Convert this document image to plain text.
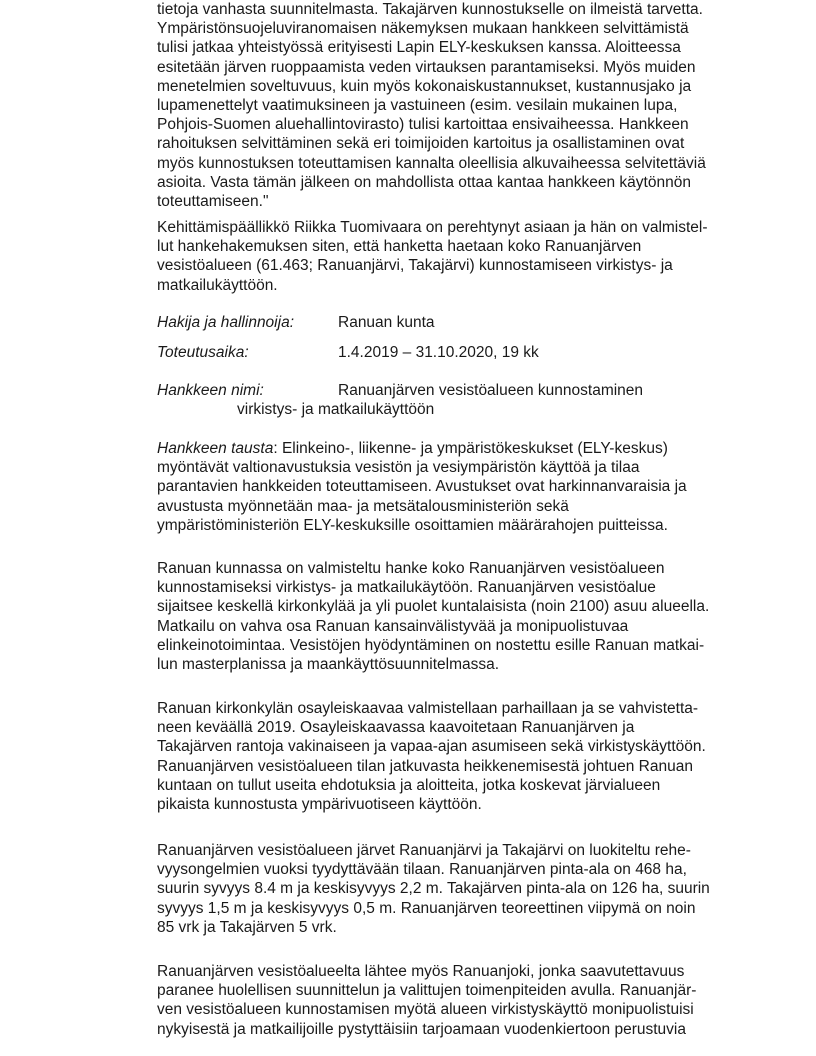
tietoja vanhasta suunnitelmasta. Takajärven kunnostukselle on ilmeistä tarvetta.
Ympäristönsuojeluviranomaisen näkemyksen mukaan hankkeen selvittämistä
tulisi jatkaa yhteistyössä erityisesti Lapin ELY-keskuksen kanssa. Aloitteessa
esitetään järven ruoppaamista veden virtauksen parantamiseksi. Myös muiden
menetelmien soveltuvuus, kuin myös kokonaiskustannukset, kustannusjako ja
lupamenettelyt vaatimuksineen ja vastuineen (esim. vesilain mukainen lupa,
Pohjois-Suomen aluehallintovirasto) tulisi kartoittaa ensivaiheessa. Hankkeen
rahoituksen selvittäminen sekä eri toimijoiden kartoitus ja osallistaminen ovat
myös kunnostuksen toteuttamisen kannalta oleellisia alkuvaiheessa selvitettäviä
asioita. Vasta tämän jälkeen on mahdollista ottaa kantaa hankkeen käytönnön
toteuttamiseen."
Kehittämispäällikkö Riikka Tuomivaara on perehtynyt asiaan ja hän on valmistel-
lut hankehakemuksen siten, että hanketta haetaan koko Ranuanjärven
vesistöalueen (61.463; Ranuanjärvi, Takajärvi) kunnostamiseen virkistys- ja
matkailukäyttöön.
Hakija ja hallinnoija:	Ranuan kunta
Toteutusaika:	1.4.2019 – 31.10.2020, 19 kk
Hankkeen nimi:	Ranuanjärven vesistöalueen kunnostaminen
virkistys- ja matkailukäyttöön
Hankkeen tausta: Elinkeino-, liikenne- ja ympäristökeskukset (ELY-keskus)
myöntävät valtionavustuksia vesistön ja vesiympäristön käyttöä ja tilaa
parantavien hankkeiden toteuttamiseen. Avustukset ovat harkinnanvaraisia ja
avustusta myönnetään maa- ja metsätalousministeriön sekä
ympäristöministeriön ELY-keskuksille osoittamien määrärahojen puitteissa.
Ranuan kunnassa on valmisteltu hanke koko Ranuanjärven vesistöalueen
kunnostamiseksi virkistys- ja matkailukäytöön. Ranuanjärven vesistöalue
sijaitsee keskellä kirkonkylää ja yli puolet kuntalaisista (noin 2100) asuu alueella.
Matkailu on vahva osa Ranuan kansainvälistyvää ja monipuolistuvaa
elinkeinotoimintaa. Vesistöjen hyödyntäminen on nostettu esille Ranuan matkai-
lun masterplanissa ja maankäyttösuunnitelmassa.
Ranuan kirkonkylän osayleiskaavaa valmistellaan parhaillaan ja se vahvistetta-
neen keväällä 2019. Osayleiskaavassa kaavoitetaan Ranuanjärven ja
Takajärven rantoja vakinaiseen ja vapaa-ajan asumiseen sekä virkistyskäyttöön.
Ranuanjärven vesistöalueen tilan jatkuvasta heikkenemisestä johtuen Ranuan
kuntaan on tullut useita ehdotuksia ja aloitteita, jotka koskevat järvialueen
pikaista kunnostusta ympärivuotiseen käyttöön.
Ranuanjärven vesistöalueen järvet Ranuanjärvi ja Takajärvi on luokiteltu rehe-
vyysongelmien vuoksi tyydyttävään tilaan. Ranuanjärven pinta-ala on 468 ha,
suurin syvyys 8.4 m ja keskisyvyys 2,2 m. Takajärven pinta-ala on 126 ha, suurin
syvyys 1,5 m ja keskisyvyys 0,5 m. Ranuanjärven teoreettinen viipymä on noin
85 vrk ja Takajärven 5 vrk.
Ranuanjärven vesistöalueelta lähtee myös Ranuanjoki, jonka saavutettavuus
paranee huolellisen suunnittelun ja valittujen toimenpiteiden avulla. Ranuanjär-
ven vesistöalueen kunnostamisen myötä alueen virkistyskäyttö monipuolistuisi
nykyisestä ja matkailijoille pystyttäisiin tarjoamaan vuodenkiertoon perustuvia
